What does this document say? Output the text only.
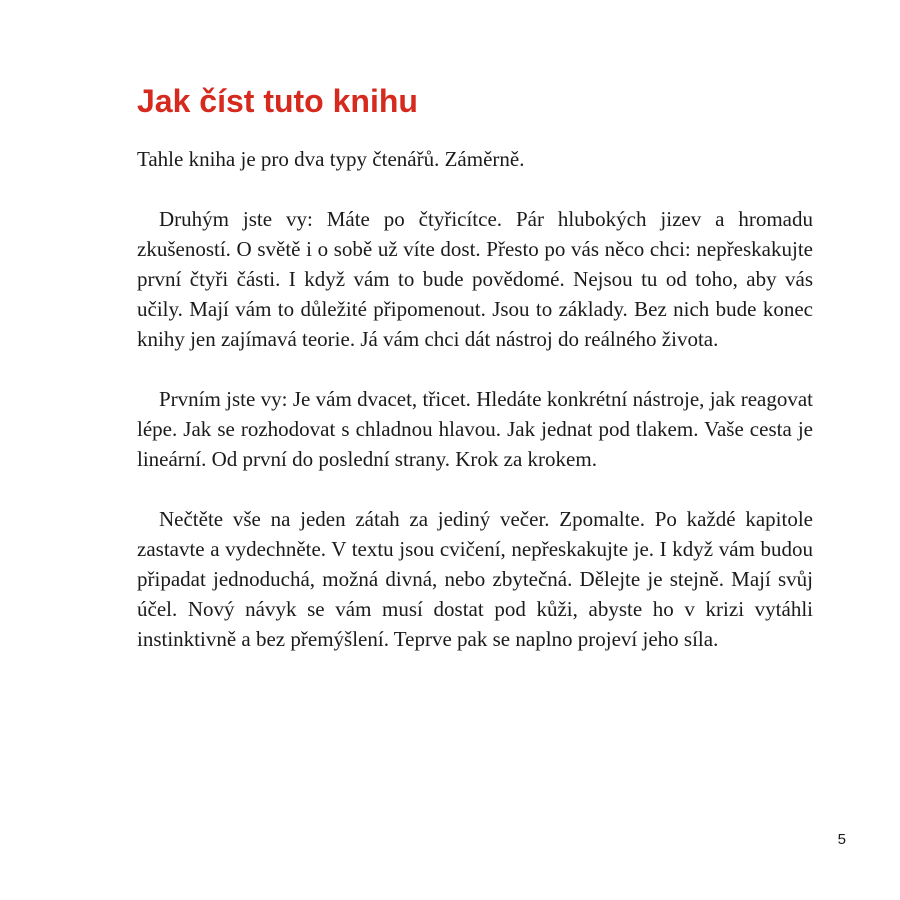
Jak číst tuto knihu

Tahle kniha je pro dva typy čtenářů. Záměrně.

Druhým jste vy: Máte po čtyřicítce. Pár hlubokých jizev a hromadu zkušeností. O světě i o sobě už víte dost. Přesto po vás něco chci: nepřeskakujte první čtyři části. I když vám to bude povědomé. Nejsou tu od toho, aby vás učily. Mají vám to důležité připomenout. Jsou to základy. Bez nich bude konec knihy jen zajímavá teorie. Já vám chci dát nástroj do reálného života.

Prvním jste vy: Je vám dvacet, třicet. Hledáte konkrétní nástroje, jak reagovat lépe. Jak se rozhodovat s chladnou hlavou. Jak jednat pod tlakem. Vaše cesta je lineární. Od první do poslední strany. Krok za krokem.

Nečtěte vše na jeden zátah za jediný večer. Zpomalte. Po každé kapitole zastavte a vydechněte. V textu jsou cvičení, nepřeskakujte je. I když vám budou připadat jednoduchá, možná divná, nebo zbytečná. Dělejte je stejně. Mají svůj účel. Nový návyk se vám musí dostat pod kůži, abyste ho v krizi vytáhli instinktivně a bez přemýšlení. Teprve pak se naplno projeví jeho síla.

5
